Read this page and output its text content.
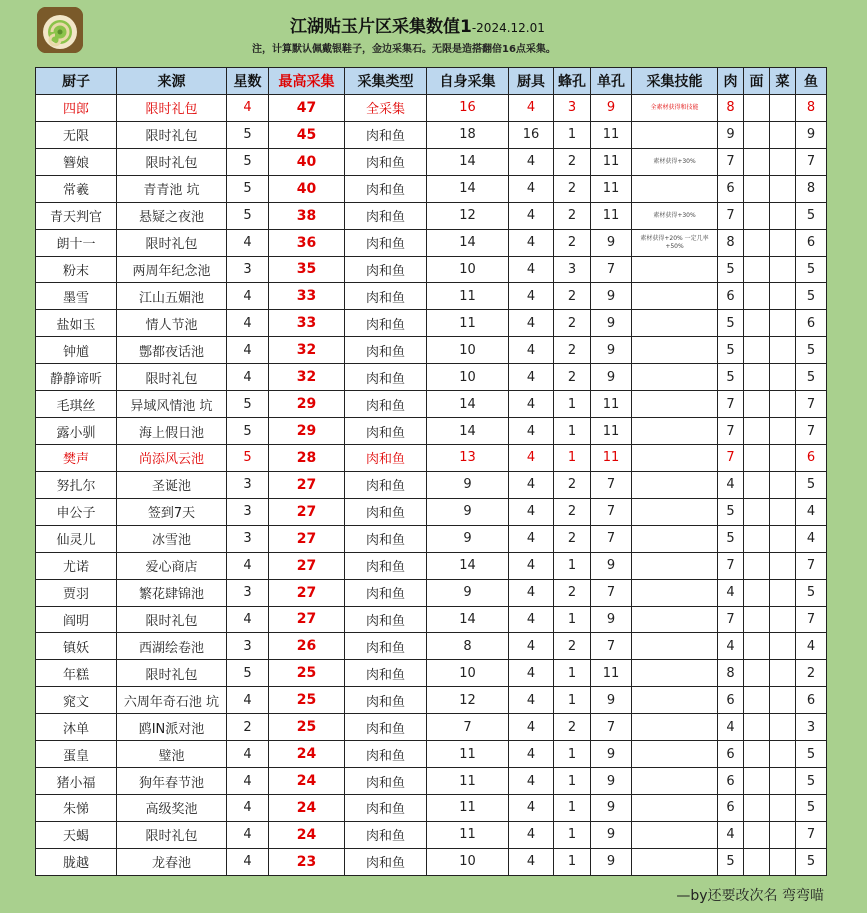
江湖贴玉片区采集数值1-2024.12.01
注，计算默认佩戴银鞋子，金边采集石。无限是造搭翻倍16点采集。
厨子	来源	星数	最高采集	采集类型	自身采集	厨具	蜂孔	单孔	采集技能	肉	面	菜	鱼
四郎	限时礼包	4	47	全采集	16	4	3	9	全素材获得和技能	8			8
无限	限时礼包	5	45	肉和鱼	18	16	1	11		9			9
簪娘	限时礼包	5	40	肉和鱼	14	4	2	11	素材获得+30%	7			7
常羲	青青池 坑	5	40	肉和鱼	14	4	2	11		6			8
青天判官	悬疑之夜池	5	38	肉和鱼	12	4	2	11	素材获得+30%	7			5
朗十一	限时礼包	4	36	肉和鱼	14	4	2	9	素材获得+20% 一定几率+50%	8			6
粉末	两周年纪念池	3	35	肉和鱼	10	4	3	7		5			5
墨雪	江山五媚池	4	33	肉和鱼	11	4	2	9		6			5
盐如玉	情人节池	4	33	肉和鱼	11	4	2	9		5			6
钟馗	鄷都夜话池	4	32	肉和鱼	10	4	2	9		5			5
静静谛听	限时礼包	4	32	肉和鱼	10	4	2	9		5			5
毛琪丝	异域风情池 坑	5	29	肉和鱼	14	4	1	11		7			7
露小驯	海上假日池	5	29	肉和鱼	14	4	1	11		7			7
樊声	尚添风云池	5	28	肉和鱼	13	4	1	11		7			6
努扎尔	圣诞池	3	27	肉和鱼	9	4	2	7		4			5
申公子	签到7天	3	27	肉和鱼	9	4	2	7		5			4
仙灵儿	冰雪池	3	27	肉和鱼	9	4	2	7		5			4
尤诺	爱心商店	4	27	肉和鱼	14	4	1	9		7			7
贾羽	繁花肆锦池	3	27	肉和鱼	9	4	2	7		4			5
阎明	限时礼包	4	27	肉和鱼	14	4	1	9		7			7
镇妖	西湖绘卷池	3	26	肉和鱼	8	4	2	7		4			4
年糕	限时礼包	5	25	肉和鱼	10	4	1	11		8			2
窕文	六周年奇石池 坑	4	25	肉和鱼	12	4	1	9		6			6
沐单	鸥IN派对池	2	25	肉和鱼	7	4	2	7		4			3
蛋皇	璧池	4	24	肉和鱼	11	4	1	9		6			5
猪小福	狗年春节池	4	24	肉和鱼	11	4	1	9		6			5
朱悌	高级奖池	4	24	肉和鱼	11	4	1	9		6			5
天蝎	限时礼包	4	24	肉和鱼	11	4	1	9		4			7
胧越	龙春池	4	23	肉和鱼	10	4	1	9		5			5
—by还要改次名 弯弯喵
